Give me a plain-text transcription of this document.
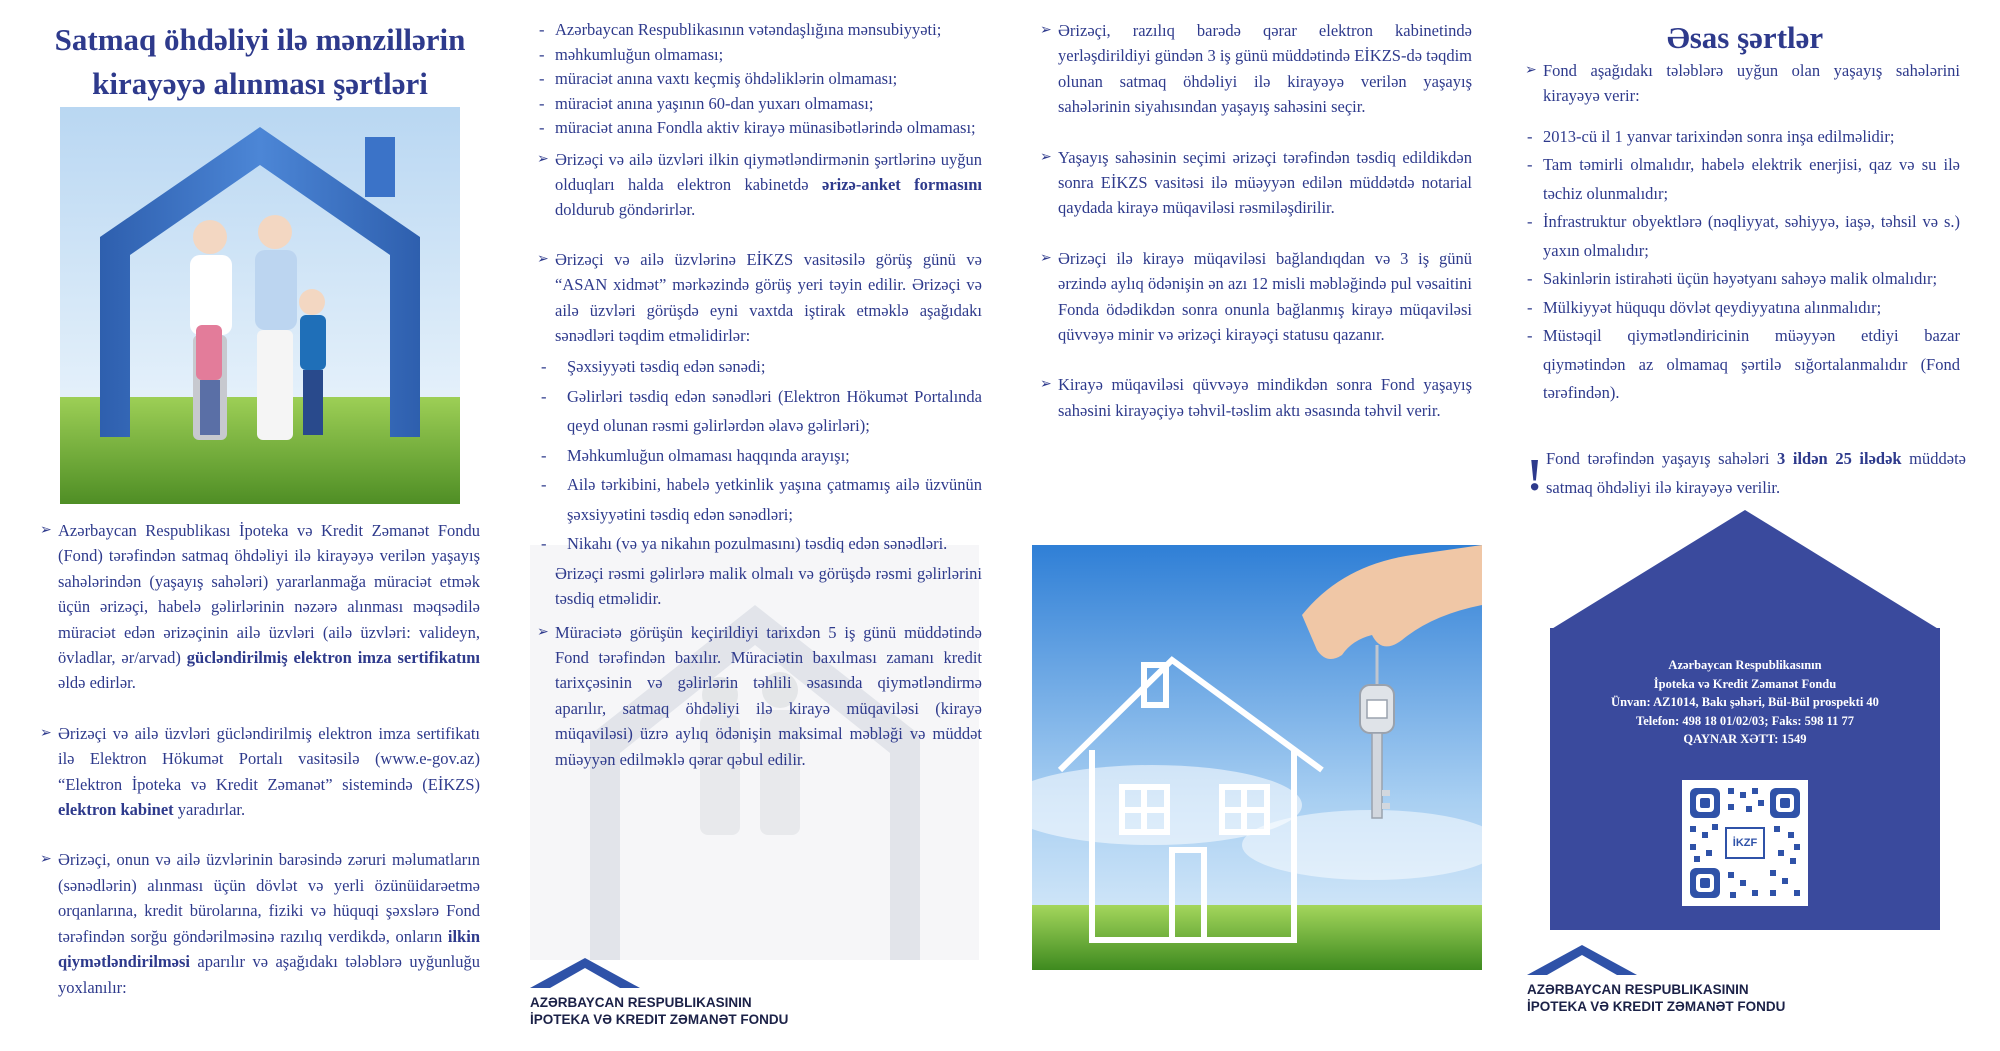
Satmaq öhdəliyi ilə mənzillərin
kirayəyə alınması şərtləri

➢ Azərbaycan Respublikası İpoteka və Kredit Zəmanət Fondu (Fond) tərəfindən satmaq öhdəliyi ilə kirayəyə verilən yaşayış sahələrindən (yaşayış sahələri) yararlanmağa müraciət etmək üçün ərizəçi, habelə gəlirlərinin nəzərə alınması məqsədilə müraciət edən ərizəçinin ailə üzvləri (ailə üzvləri: valideyn, övladlar, ər/arvad) gücləndirilmiş elektron imza sertifikatını əldə edirlər.

➢ Ərizəçi və ailə üzvləri gücləndirilmiş elektron imza sertifikatı ilə Elektron Hökumət Portalı vasitəsilə (www.e-gov.az) “Elektron İpoteka və Kredit Zəmanət” sistemində (EİKZS) elektron kabinet yaradırlar.

➢ Ərizəçi, onun və ailə üzvlərinin barəsində zəruri məlumatların (sənədlərin) alınması üçün dövlət və yerli özünüidarəetmə orqanlarına, kredit bürolarına, fiziki və hüquqi şəxslərə Fond tərəfindən sorğu göndərilməsinə razılıq verdikdə, onların ilkin qiymətləndirilməsi aparılır və aşağıdakı tələblərə uyğunluğu yoxlanılır:

- Azərbaycan Respublikasının vətəndaşlığına mənsubiyyəti;
- məhkumluğun olmaması;
- müraciət anına vaxtı keçmiş öhdəliklərin olmaması;
- müraciət anına yaşının 60-dan yuxarı olmaması;
- müraciət anına Fondla aktiv kirayə münasibətlərində olmaması;

➢ Ərizəçi və ailə üzvləri ilkin qiymətləndirmənin şərtlərinə uyğun olduqları halda elektron kabinetdə ərizə-anket formasını doldurub göndərirlər.

➢ Ərizəçi və ailə üzvlərinə EİKZS vasitəsilə görüş günü və “ASAN xidmət” mərkəzində görüş yeri təyin edilir. Ərizəçi və ailə üzvləri görüşdə eyni vaxtda iştirak etməklə aşağıdakı sənədləri təqdim etməlidirlər:

- Şəxsiyyəti təsdiq edən sənədi;
- Gəlirləri təsdiq edən sənədləri (Elektron Hökumət Portalında qeyd olunan rəsmi gəlirlərdən əlavə gəlirləri);
- Məhkumluğun olmaması haqqında arayışı;
- Ailə tərkibini, habelə yetkinlik yaşına çatmamış ailə üzvünün şəxsiyyətini təsdiq edən sənədləri;
- Nikahı (və ya nikahın pozulmasını) təsdiq edən sənədləri.

Ərizəçi rəsmi gəlirlərə malik olmalı və görüşdə rəsmi gəlirlərini təsdiq etməlidir.

➢ Müraciətə görüşün keçirildiyi tarixdən 5 iş günü müddətində Fond tərəfindən baxılır. Müraciətin baxılması zamanı kredit tarixçəsinin və gəlirlərin təhlili əsasında qiymətləndirmə aparılır, satmaq öhdəliyi ilə kirayə müqaviləsi (kirayə müqaviləsi) üzrə aylıq ödənişin maksimal məbləği və müddət müəyyən edilməklə qərar qəbul edilir.

AZƏRBAYCAN RESPUBLIKASININ
İPOTEKA VƏ KREDIT ZƏMANƏT FONDU

➢ Ərizəçi, razılıq barədə qərar elektron kabinetində yerləşdirildiyi gündən 3 iş günü müddətində EİKZS-də təqdim olunan satmaq öhdəliyi ilə kirayəyə verilən yaşayış sahələrinin siyahısından yaşayış sahəsini seçir.

➢ Yaşayış sahəsinin seçimi ərizəçi tərəfindən təsdiq edildikdən sonra EİKZS vasitəsi ilə müəyyən edilən müddətdə notarial qaydada kirayə müqaviləsi rəsmiləşdirilir.

➢ Ərizəçi ilə kirayə müqaviləsi bağlandıqdan və 3 iş günü ərzində aylıq ödənişin ən azı 12 misli məbləğində pul vəsaitini Fonda ödədikdən sonra onunla bağlanmış kirayə müqaviləsi qüvvəyə minir və ərizəçi kirayəçi statusu qazanır.

➢ Kirayə müqaviləsi qüvvəyə mindikdən sonra Fond yaşayış sahəsini kirayəçiyə təhvil-təslim aktı əsasında təhvil verir.

Əsas şərtlər

➢ Fond aşağıdakı tələblərə uyğun olan yaşayış sahələrini kirayəyə verir:

- 2013-cü il 1 yanvar tarixindən sonra inşa edilməlidir;
- Tam təmirli olmalıdır, habelə elektrik enerjisi, qaz və su ilə təchiz olunmalıdır;
- İnfrastruktur obyektlərə (nəqliyyat, səhiyyə, iaşə, təhsil və s.) yaxın olmalıdır;
- Sakinlərin istirahəti üçün həyətyanı sahəyə malik olmalıdır;
- Mülkiyyət hüququ dövlət qeydiyyatına alınmalıdır;
- Müstəqil qiymətləndiricinin müəyyən etdiyi bazar qiymətindən az olmamaq şərtilə sığortalanmalıdır (Fond tərəfindən).
! Fond tərəfindən yaşayış sahələri 3 ildən 25 ilədək müddətə satmaq öhdəliyi ilə kirayəyə verilir.

Azərbaycan Respublikasının
İpoteka və Kredit Zəmanət Fondu
Ünvan: AZ1014, Bakı şəhəri, Bül-Bül prospekti 40
Telefon: 498 18 01/02/03; Faks: 598 11 77
QAYNAR XƏTT: 1549
İKZF
AZƏRBAYCAN RESPUBLIKASININ
İPOTEKA VƏ KREDIT ZƏMANƏT FONDU
